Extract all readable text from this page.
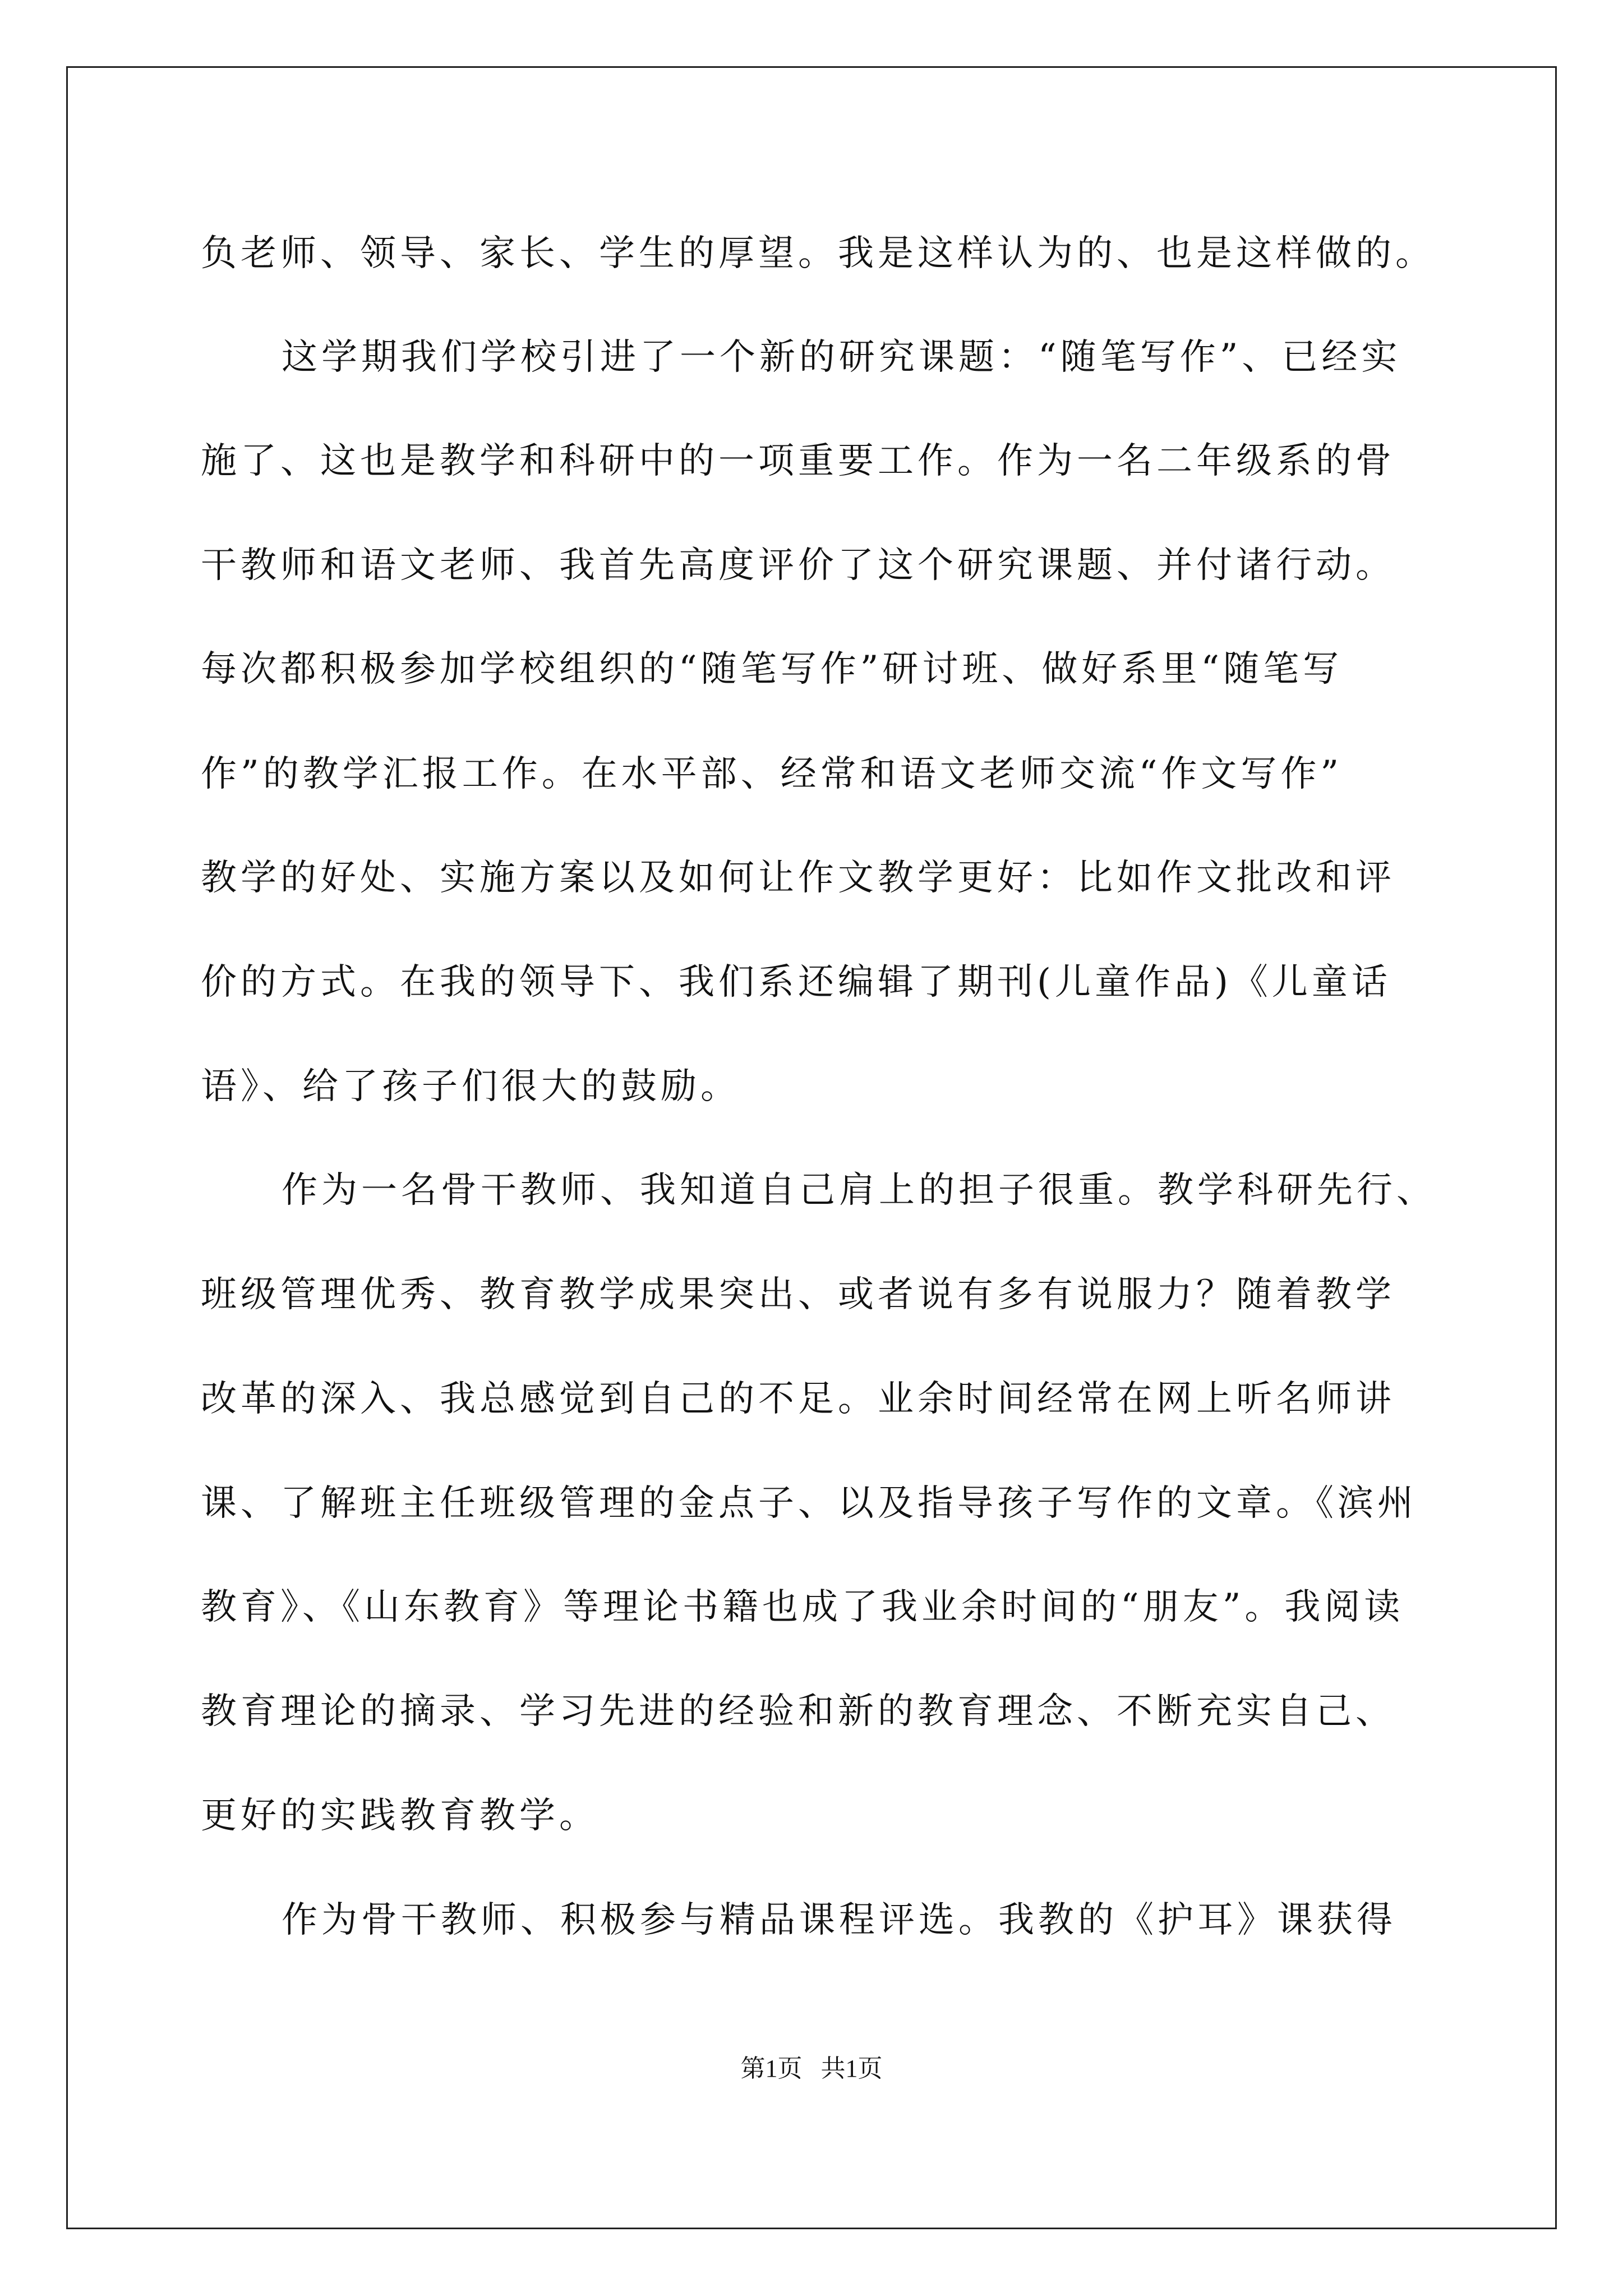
负老师、领导、家长、学生的厚望。我是这样认为的、也是这样做的。
这学期我们学校引进了一个新的研究课题：“随笔写作”、已经实
施了、这也是教学和科研中的一项重要工作。作为一名二年级系的骨
干教师和语文老师、我首先高度评价了这个研究课题、并付诸行动。
每次都积极参加学校组织的“随笔写作”研讨班、做好系里“随笔写
作”的教学汇报工作。在水平部、经常和语文老师交流“作文写作”
教学的好处、实施方案以及如何让作文教学更好：比如作文批改和评
价的方式。在我的领导下、我们系还编辑了期刊(儿童作品)《儿童话
语》、给了孩子们很大的鼓励。
作为一名骨干教师、我知道自己肩上的担子很重。教学科研先行、
班级管理优秀、教育教学成果突出、或者说有多有说服力？随着教学
改革的深入、我总感觉到自己的不足。业余时间经常在网上听名师讲
课、了解班主任班级管理的金点子、以及指导孩子写作的文章。《滨州
教育》、《山东教育》等理论书籍也成了我业余时间的“朋友”。我阅读
教育理论的摘录、学习先进的经验和新的教育理念、不断充实自己、
更好的实践教育教学。
作为骨干教师、积极参与精品课程评选。我教的《护耳》课获得
第1页   共1页
